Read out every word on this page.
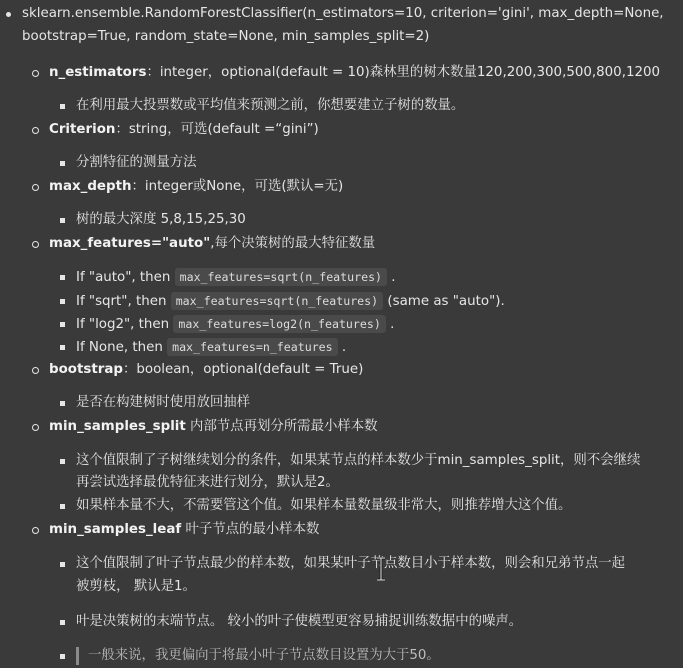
sklearn.ensemble.RandomForestClassifier(n_estimators=10, criterion='gini', max_depth=None,
bootstrap=True, random_state=None, min_samples_split=2)
n_estimators：integer，optional(default = 10)森林里的树木数量120,200,300,500,800,1200
在利用最大投票数或平均值来预测之前，你想要建立子树的数量。
Criterion：string，可选(default =“gini”)
分割特征的测量方法
max_depth：integer或None，可选(默认=无)
树的最大深度 5,8,15,25,30
max_features="auto",每个决策树的最大特征数量
If "auto", then max_features=sqrt(n_features) .
If "sqrt", then max_features=sqrt(n_features) (same as "auto").
If "log2", then max_features=log2(n_features) .
If None, then max_features=n_features .
bootstrap：boolean，optional(default = True)
是否在构建树时使用放回抽样
min_samples_split 内部节点再划分所需最小样本数
这个值限制了子树继续划分的条件，如果某节点的样本数少于min_samples_split，则不会继续
再尝试选择最优特征来进行划分，默认是2。
如果样本量不大，不需要管这个值。如果样本量数量级非常大，则推荐增大这个值。
min_samples_leaf 叶子节点的最小样本数
这个值限制了叶子节点最少的样本数，如果某叶子节点数目小于样本数，则会和兄弟节点一起
被剪枝， 默认是1。
叶是决策树的末端节点。 较小的叶子使模型更容易捕捉训练数据中的噪声。
一般来说，我更偏向于将最小叶子节点数目设置为大于50。
